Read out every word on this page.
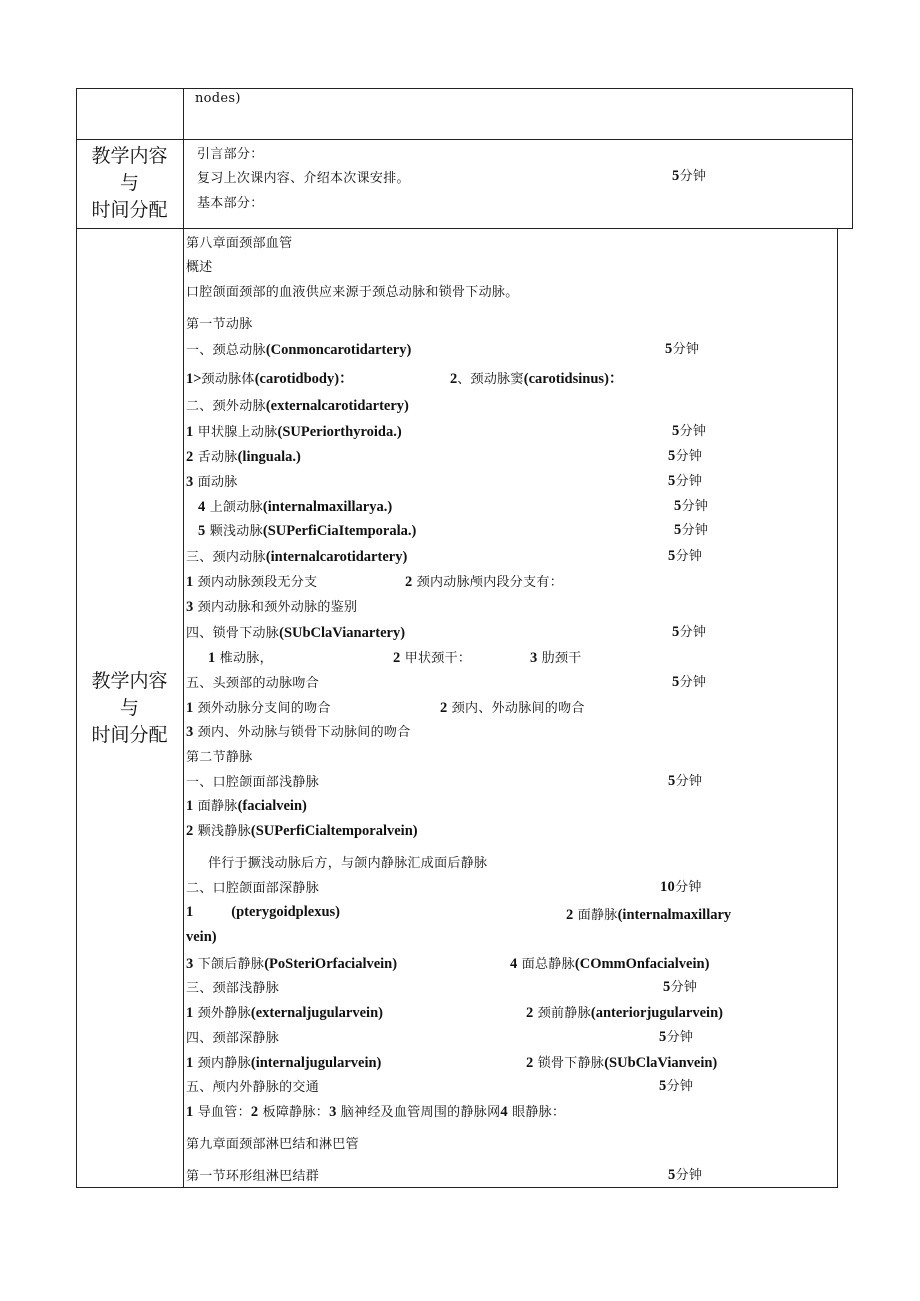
nodes)
教学内容
与
时间分配
引言部分：
复习上次课内容、介绍本次课安排。	5分钟
基本部分：
教学内容
与
时间分配
第八章面颈部血管
概述
口腔颌面颈部的血液供应来源于颈总动脉和锁骨下动脉。
第一节动脉
一、颈总动脉(Conmoncarotidartery)	5分钟
1>颈动脉体(carotidbody)：	2、颈动脉窦(carotidsinus)：
二、颈外动脉(externalcarotidartery)
1 甲状腺上动脉(SUPeriorthyroida.)	5分钟
2 舌动脉(linguala.)	5分钟
3 面动脉	5分钟
4 上颌动脉(internalmaxillarya.)	5分钟
5 颗浅动脉(SUPerfiCiaItemporala.)	5分钟
三、颈内动脉(internalcarotidartery)	5分钟
1 颈内动脉颈段无分支	2 颈内动脉颅内段分支有：
3 颈内动脉和颈外动脉的鉴别
四、锁骨下动脉(SUbClaVianartery)	5分钟
1 椎动脉，	2 甲状颈干：	3 肋颈干
五、头颈部的动脉吻合	5分钟
1 颈外动脉分支间的吻合	2 颈内、外动脉间的吻合
3 颈内、外动脉与锁骨下动脉间的吻合
第二节静脉
一、口腔颌面部浅静脉	5分钟
1 面静脉(facialvein)
2 颗浅静脉(SUPerfiCialtemporalvein)
伴行于撅浅动脉后方，与颌内静脉汇成面后静脉
二、口腔颌面部深静脉	10分钟
1	(pterygoidplexus)	2 面静脉(internalmaxillary
vein)
3 下颌后静脉(PoSteriOrfacialvein)	4 面总静脉(COmmOnfacialvein)
三、颈部浅静脉	5分钟
1 颈外静脉(externaljugularvein)	2 颈前静脉(anteriorjugularvein)
四、颈部深静脉	5分钟
1 颈内静脉(internaljugularvein)	2 锁骨下静脉(SUbClaVianvein)
五、颅内外静脉的交通	5分钟
1 导血管：2 板障静脉：3 脑神经及血管周围的静脉网4 眼静脉：
第九章面颈部淋巴结和淋巴管
第一节环形组淋巴结群	5分钟
